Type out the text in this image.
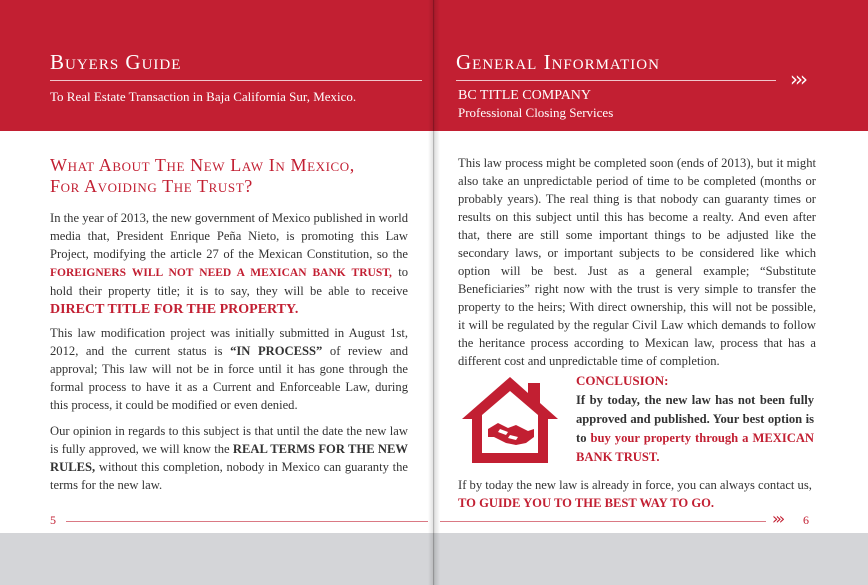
Buyers Guide
To Real Estate Transaction in Baja California Sur, Mexico.
General Information
›››
BC TITLE COMPANY
Professional Closing Services
What About The New Law In Mexico,
For Avoiding The Trust?

In the year of 2013, the new government of Mexico published in world media that, President Enrique Peña Nieto, is promoting this Law Project, modifying the article 27 of the Mexican Constitution, so the FOREIGNERS WILL NOT NEED A MEXICAN BANK TRUST, to hold their property title; it is to say, they will be able to receive DIRECT TITLE FOR THE PROPERTY.

This law modification project was initially submitted in August 1st, 2012, and the current status is “IN PROCESS” of review and approval; This law will not be in force until it has gone through the formal process to have it as a Current and Enforceable Law, during this process, it could be modified or even denied.

Our opinion in regards to this subject is that until the date the new law is fully approved, we will know the REAL TERMS FOR THE NEW RULES, without this completion, nobody in Mexico can guaranty the terms for the new law.

5

This law process might be completed soon (ends of 2013), but it might also take an unpredictable period of time to be completed (months or probably years). The real thing is that nobody can guaranty times or results on this subject until this has become a realty. And even after that, there are still some important things to be adjusted like the secondary laws, or important subjects to be considered like which option will be best. Just as a general example; “Substitute Beneficiaries” right now with the trust is very simple to transfer the property to the heirs; With direct ownership, this will not be possible, it will be regulated by the regular Civil Law which demands to follow the heritance process according to Mexican law, process that has a different cost and unpredictable time of completion.

CONCLUSION:

If by today, the new law has not been fully approved and published. Your best option is to buy your property through a MEXICAN BANK TRUST.

If by today the new law is already in force, you can always contact us,
TO GUIDE YOU TO THE BEST WAY TO GO.

››› 6
